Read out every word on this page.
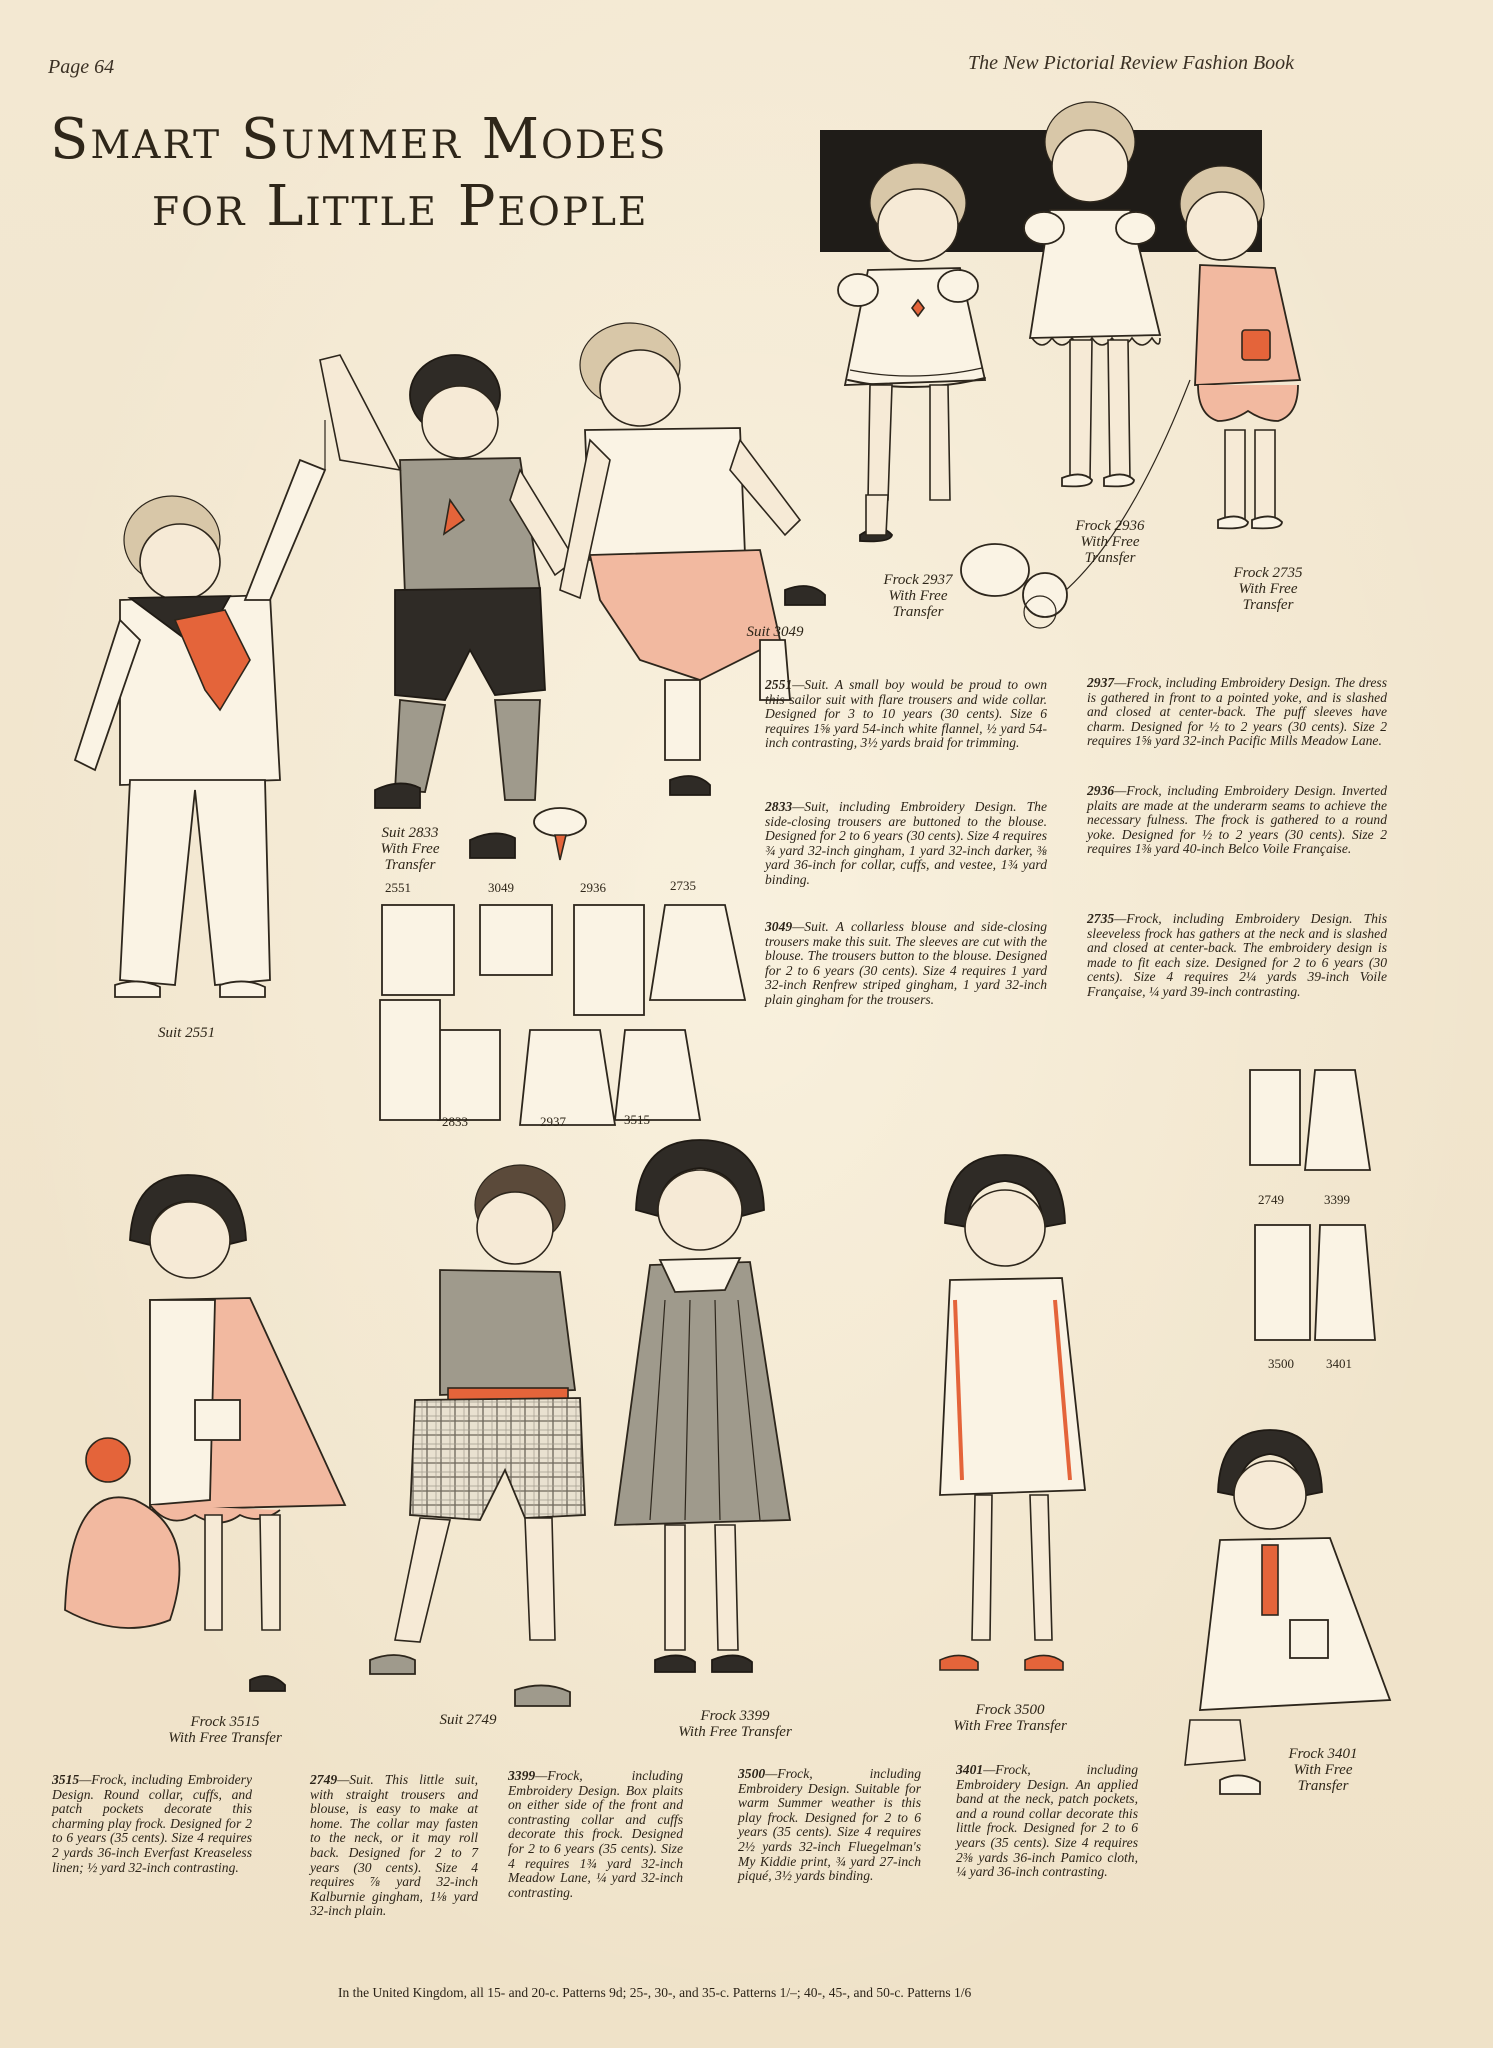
Page 64	The New Pictorial Review Fashion Book
Smart Summer Modes
for Little People
Frock 2937
With Free
Transfer
Frock 2936
With Free
Transfer
Frock 2735
With Free
Transfer
Suit 3049
Suit 2833
With Free
Transfer
Suit 2551
Frock 3515
With Free Transfer
Suit 2749	Frock 3399
With Free Transfer
Frock 3500
With Free Transfer
Frock 3401
With Free
Transfer
2551	3049	2936	2735
2833	2937	3515
2749	3399
3500 3401
2551—Suit. A small boy would be proud to own this sailor suit with flare trousers and wide collar. Designed for 3 to 10 years (30 cents). Size 6 requires 1⅝ yard 54-inch white flannel, ½ yard 54-inch contrasting, 3½ yards braid for trimming.
2833—Suit, including Embroidery Design. The side-closing trousers are buttoned to the blouse. Designed for 2 to 6 years (30 cents). Size 4 requires ¾ yard 32-inch gingham, 1 yard 32-inch darker, ⅜ yard 36-inch for collar, cuffs, and vestee, 1¾ yard binding.
3049—Suit. A collarless blouse and side-closing trousers make this suit. The sleeves are cut with the blouse. The trousers button to the blouse. Designed for 2 to 6 years (30 cents). Size 4 requires 1 yard 32-inch Renfrew striped gingham, 1 yard 32-inch plain gingham for the trousers.
2937—Frock, including Embroidery Design. The dress is gathered in front to a pointed yoke, and is slashed and closed at center-back. The puff sleeves have charm. Designed for ½ to 2 years (30 cents). Size 2 requires 1⅝ yard 32-inch Pacific Mills Meadow Lane.
2936—Frock, including Embroidery Design. Inverted plaits are made at the underarm seams to achieve the necessary fulness. The frock is gathered to a round yoke. Designed for ½ to 2 years (30 cents). Size 2 requires 1⅜ yard 40-inch Belco Voile Française.
2735—Frock, including Embroidery Design. This sleeveless frock has gathers at the neck and is slashed and closed at center-back. The embroidery design is made to fit each size. Designed for 2 to 6 years (30 cents). Size 4 requires 2¼ yards 39-inch Voile Française, ¼ yard 39-inch contrasting.
3515—Frock, including Embroidery Design. Round collar, cuffs, and patch pockets decorate this charming play frock. Designed for 2 to 6 years (35 cents). Size 4 requires 2 yards 36-inch Everfast Kreaseless linen; ½ yard 32-inch contrasting.
2749—Suit. This little suit, with straight trousers and blouse, is easy to make at home. The collar may fasten to the neck, or it may roll back. Designed for 2 to 7 years (30 cents). Size 4 requires ⅞ yard 32-inch Kalburnie gingham, 1⅛ yard 32-inch plain.
3399—Frock, including Embroidery Design. Box plaits on either side of the front and contrasting collar and cuffs decorate this frock. Designed for 2 to 6 years (35 cents). Size 4 requires 1¾ yard 32-inch Meadow Lane, ¼ yard 32-inch contrasting.
3500—Frock, including Embroidery Design. Suitable for warm Summer weather is this play frock. Designed for 2 to 6 years (35 cents). Size 4 requires 2½ yards 32-inch Fluegelman's My Kiddie print, ¾ yard 27-inch piqué, 3½ yards binding.
3401—Frock, including Embroidery Design. An applied band at the neck, patch pockets, and a round collar decorate this little frock. Designed for 2 to 6 years (35 cents). Size 4 requires 2⅜ yards 36-inch Pamico cloth, ¼ yard 36-inch contrasting.
In the United Kingdom, all 15- and 20-c. Patterns 9d; 25-, 30-, and 35-c. Patterns 1/–; 40-, 45-, and 50-c. Patterns 1/6
